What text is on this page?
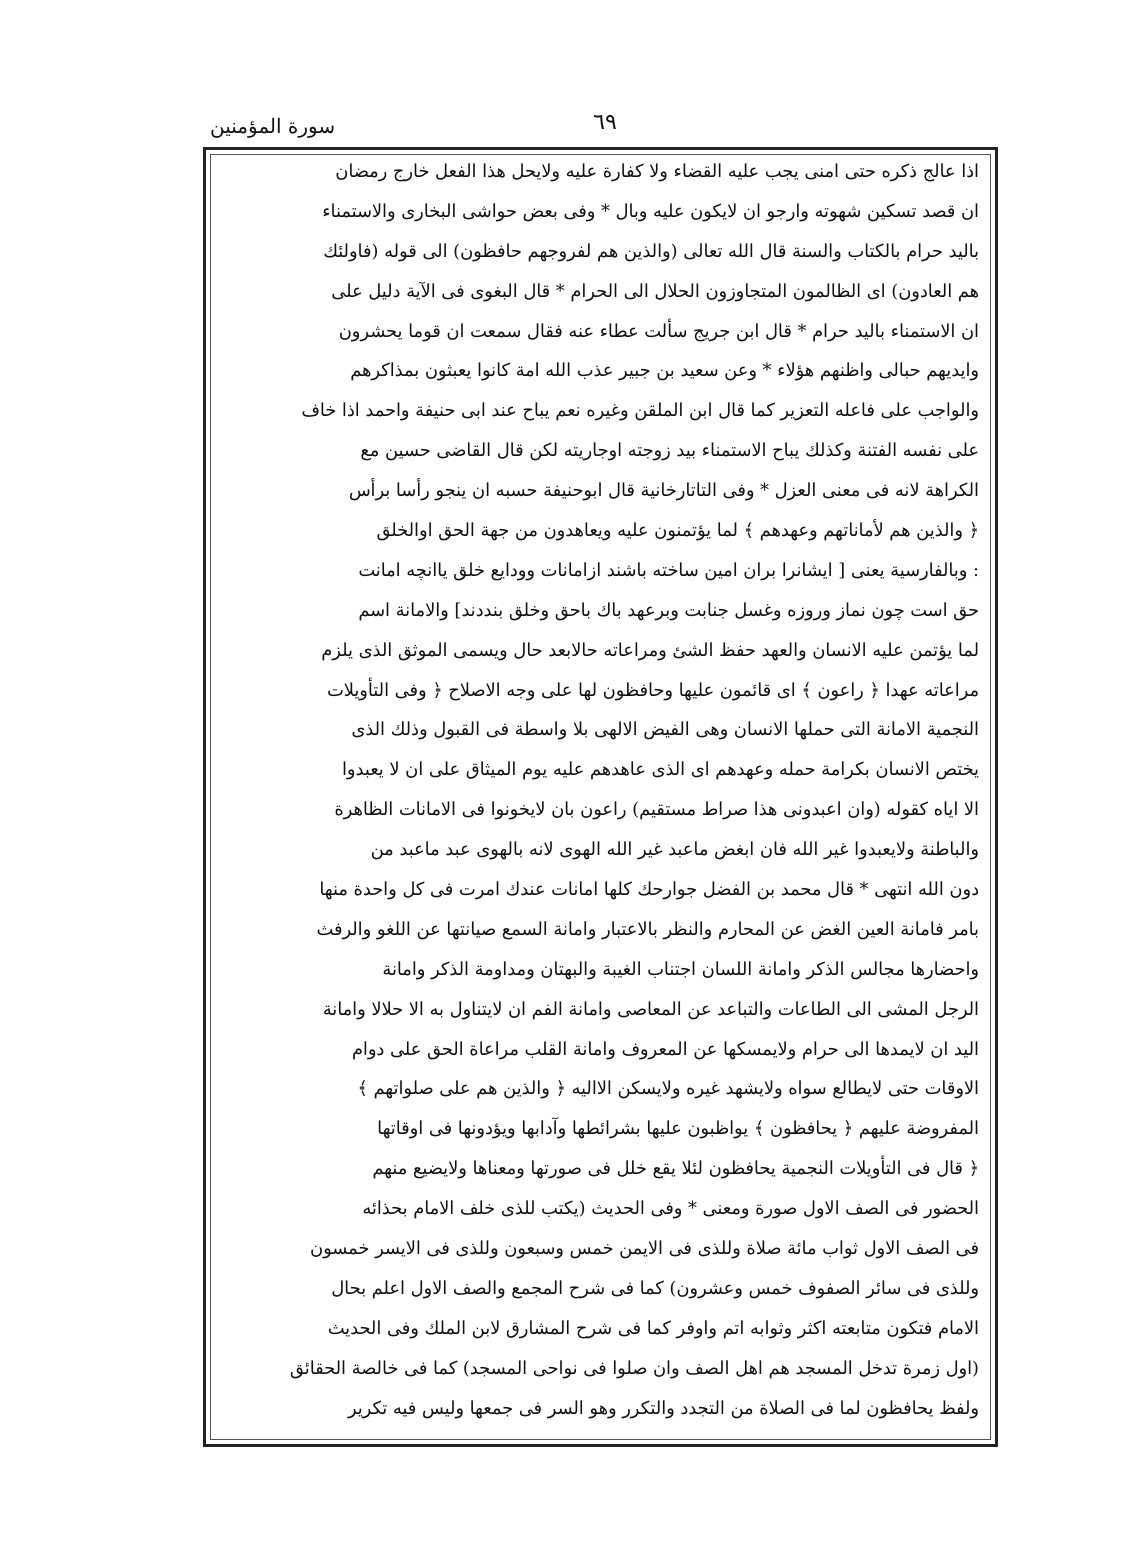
سورة المؤمنين	٦٩
اذا عالج ذكره حتى امنى يجب عليه القضاء ولا كفارة عليه ولايحل هذا الفعل خارج رمضان
ان قصد تسكين شهوته وارجو ان لايكون عليه وبال * وفى بعض حواشى البخارى والاستمناء
باليد حرام بالكتاب والسنة قال الله تعالى (والذين هم لفروجهم حافظون) الى قوله (فاولئك
هم العادون) اى الظالمون المتجاوزون الحلال الى الحرام * قال البغوى فى الآية دليل على
ان الاستمناء باليد حرام * قال ابن جريج سألت عطاء عنه فقال سمعت ان قوما يحشرون
وايديهم حبالى واظنهم هؤلاء * وعن سعيد بن جبير عذب الله امة كانوا يعبثون بمذاكرهم
والواجب على فاعله التعزير كما قال ابن الملقن وغيره نعم يباح عند ابى حنيفة واحمد اذا خاف
على نفسه الفتنة وكذلك يباح الاستمناء بيد زوجته اوجاريته لكن قال القاضى حسين مع
الكراهة لانه فى معنى العزل * وفى التاتارخانية قال ابوحنيفة حسبه ان ينجو رأسا برأس
﴿ والذين هم لأماناتهم وعهدهم ﴾ لما يؤتمنون عليه ويعاهدون من جهة الحق اوالخلق
: وبالفارسية يعنى [ ايشانرا بران امين ساخته باشند ازامانات وودايع خلق ياانچه امانت
حق است چون نماز وروزه وغسل جنابت وبرعهد باك باحق وخلق بنددند] والامانة اسم
لما يؤتمن عليه الانسان والعهد حفظ الشئ ومراعاته حالابعد حال ويسمى الموثق الذى يلزم
مراعاته عهدا ﴿ راعون ﴾ اى قائمون عليها وحافظون لها على وجه الاصلاح ﴿ وفى التأويلات
النجمية الامانة التى حملها الانسان وهى الفيض الالهى بلا واسطة فى القبول وذلك الذى
يختص الانسان بكرامة حمله وعهدهم اى الذى عاهدهم عليه يوم الميثاق على ان لا يعبدوا
الا اياه كقوله (وان اعبدونى هذا صراط مستقيم) راعون بان لايخونوا فى الامانات الظاهرة
والباطنة ولايعبدوا غير الله فان ابغض ماعبد غير الله الهوى لانه بالهوى عبد ماعبد من
دون الله انتهى * قال محمد بن الفضل جوارحك كلها امانات عندك امرت فى كل واحدة منها
بامر فامانة العين الغض عن المحارم والنظر بالاعتبار وامانة السمع صيانتها عن اللغو والرفث
واحضارها مجالس الذكر وامانة اللسان اجتناب الغيبة والبهتان ومداومة الذكر وامانة
الرجل المشى الى الطاعات والتباعد عن المعاصى وامانة الفم ان لايتناول به الا حلالا وامانة
اليد ان لايمدها الى حرام ولايمسكها عن المعروف وامانة القلب مراعاة الحق على دوام
الاوقات حتى لايطالع سواه ولايشهد غيره ولايسكن الااليه ﴿ والذين هم على صلواتهم ﴾
المفروضة عليهم ﴿ يحافظون ﴾ يواظبون عليها بشرائطها وآدابها ويؤدونها فى اوقاتها
﴿ قال فى التأويلات النجمية يحافظون لئلا يقع خلل فى صورتها ومعناها ولايضيع منهم
الحضور فى الصف الاول صورة ومعنى * وفى الحديث (يكتب للذى خلف الامام بحذائه
فى الصف الاول ثواب مائة صلاة وللذى فى الايمن خمس وسبعون وللذى فى الايسر خمسون
وللذى فى سائر الصفوف خمس وعشرون) كما فى شرح المجمع والصف الاول اعلم بحال
الامام فتكون متابعته اكثر وثوابه اتم واوفر كما فى شرح المشارق لابن الملك وفى الحديث
(اول زمرة تدخل المسجد هم اهل الصف وان صلوا فى نواحى المسجد) كما فى خالصة الحقائق
ولفظ يحافظون لما فى الصلاة من التجدد والتكرر وهو السر فى جمعها وليس فيه تكرير
